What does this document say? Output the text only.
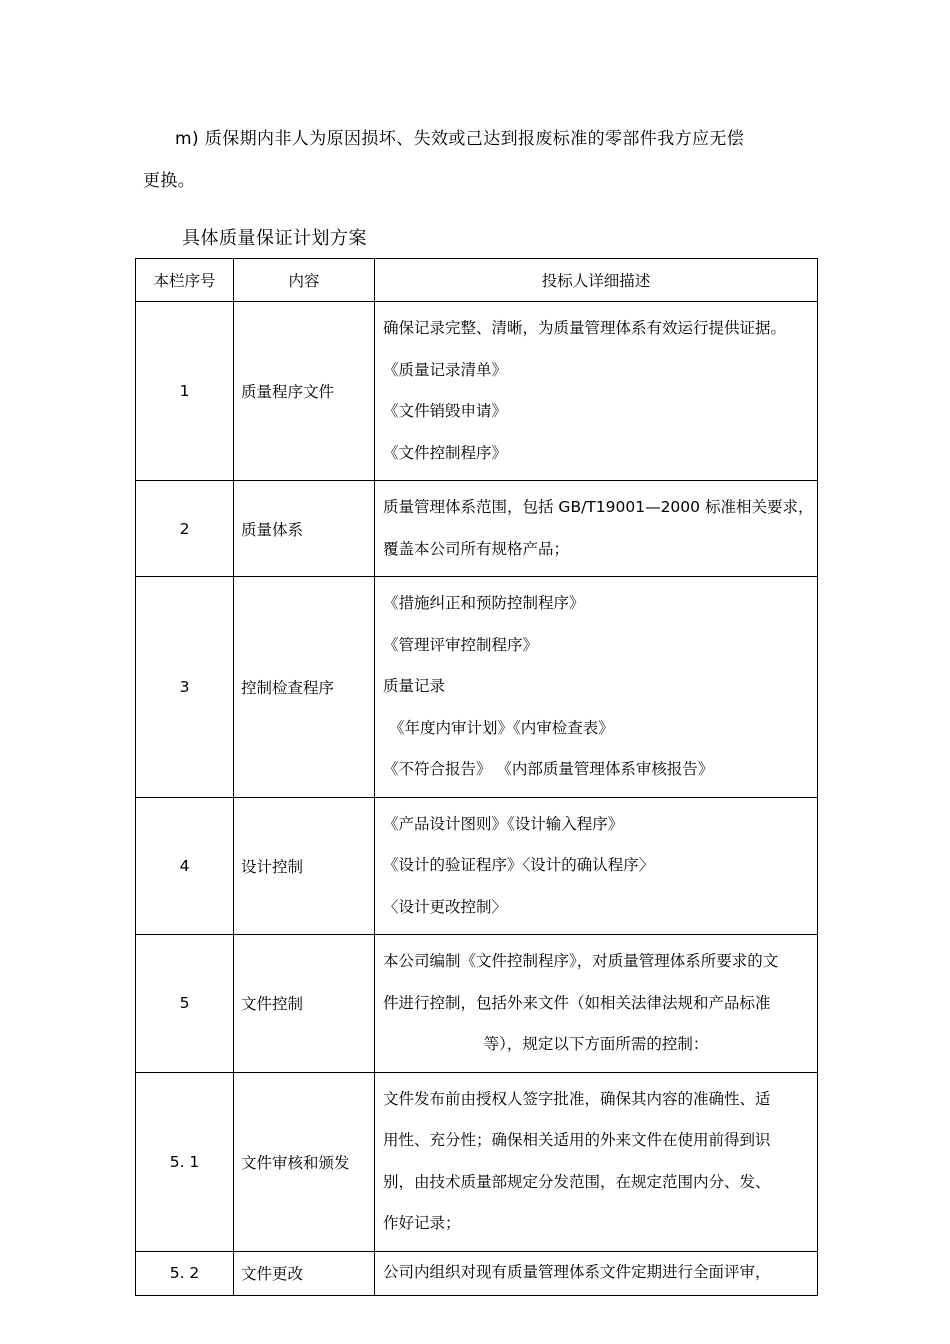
m) 质保期内非人为原因损坏、失效或己达到报废标准的零部件我方应无偿
更换。
具体质量保证计划方案
本栏序号	内容	投标人详细描述
1	质量程序文件	确保记录完整、清晰，为质量管理体系有效运行提供证据。
《质量记录清单》
《文件销毁申请》
《文件控制程序》

2	质量体系	质量管理体系范围，包括 GB/T19001—2000 标准相关要求，
覆盖本公司所有规格产品；

3	控制检查程序	《措施纠正和预防控制程序》
《管理评审控制程序》
质量记录
《年度内审计划》《内审检查表》
《不符合报告》 《内部质量管理体系审核报告》

4	设计控制	《产品设计图则》《设计输入程序》
《设计的验证程序》〈设计的确认程序〉
〈设计更改控制〉

5	文件控制	本公司编制《文件控制程序》，对质量管理体系所要求的文
件进行控制，包括外来文件（如相关法律法规和产品标准
等），规定以下方面所需的控制：

5. 1	文件审核和颁发	文件发布前由授权人签字批准，确保其内容的准确性、适
用性、充分性；确保相关适用的外来文件在使用前得到识
别，由技术质量部规定分发范围，在规定范围内分、发、
作好记录；

5. 2	文件更改	公司内组织对现有质量管理体系文件定期进行全面评审，
